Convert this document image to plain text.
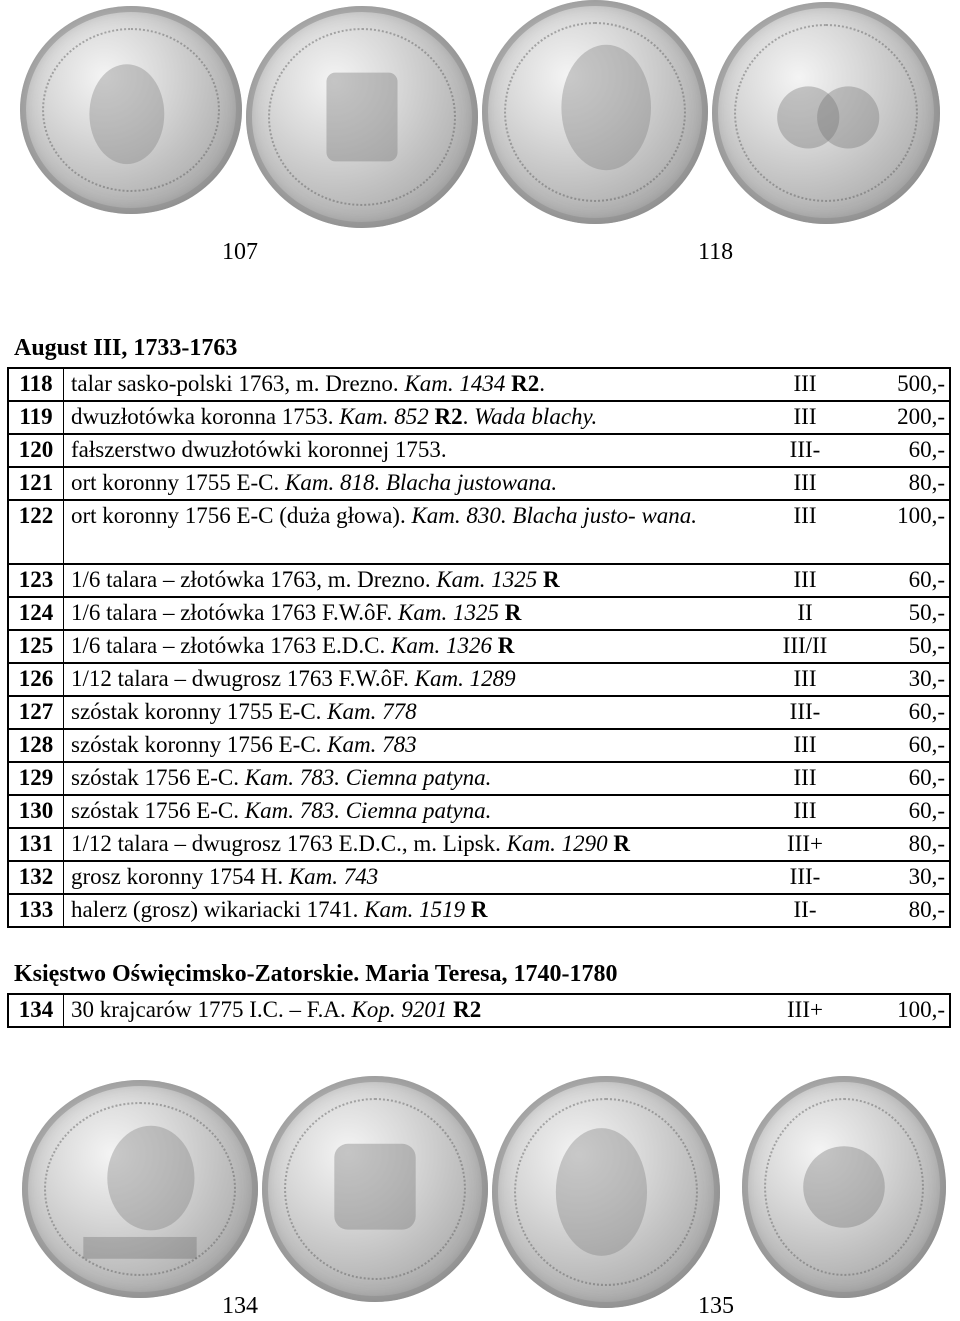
107	118
August III, 1733-1763
118	talar sasko-polski 1763, m. Drezno. Kam. 1434 R2.	III	500,-
119	dwuzłotówka koronna 1753. Kam. 852 R2. Wada blachy.	III	200,-
120	fałszerstwo dwuzłotówki koronnej 1753.	III-	60,-
121	ort koronny 1755 E-C. Kam. 818. Blacha justowana.	III	80,-
122	ort koronny 1756 E-C (duża głowa). Kam. 830. Blacha justo- wana.	III	100,-
123	1/6 talara – złotówka 1763, m. Drezno. Kam. 1325 R	III	60,-
124	1/6 talara – złotówka 1763 F.W.ôF. Kam. 1325 R	II	50,-
125	1/6 talara – złotówka 1763 E.D.C. Kam. 1326 R	III/II	50,-
126	1/12 talara – dwugrosz 1763 F.W.ôF. Kam. 1289	III	30,-
127	szóstak koronny 1755 E-C. Kam. 778	III-	60,-
128	szóstak koronny 1756 E-C. Kam. 783	III	60,-
129	szóstak 1756 E-C. Kam. 783. Ciemna patyna.	III	60,-
130	szóstak 1756 E-C. Kam. 783. Ciemna patyna.	III	60,-
131	1/12 talara – dwugrosz 1763 E.D.C., m. Lipsk. Kam. 1290 R	III+	80,-
132	grosz koronny 1754 H. Kam. 743	III-	30,-
133	halerz (grosz) wikariacki 1741. Kam. 1519 R	II-	80,-
Księstwo Oświęcimsko-Zatorskie. Maria Teresa, 1740-1780
134	30 krajcarów 1775 I.C. – F.A. Kop. 9201 R2	III+	100,-
134	135
